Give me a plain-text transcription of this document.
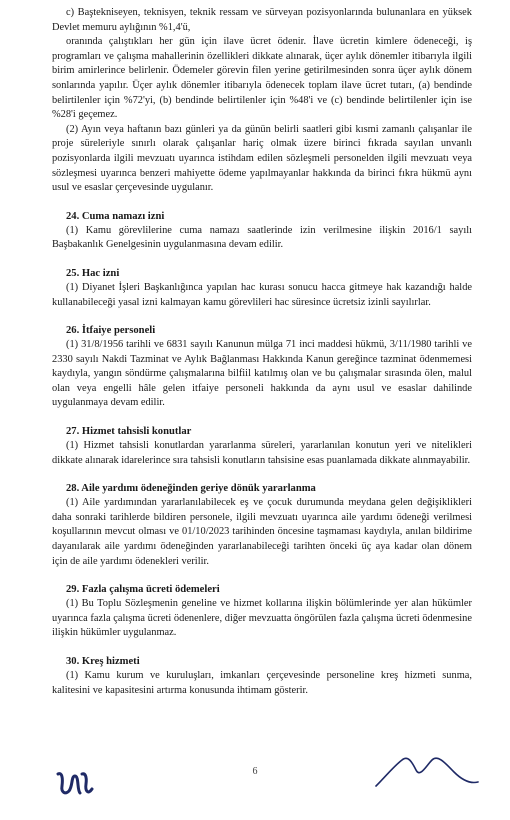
c) Baştekniseyen, teknisyen, teknik ressam ve sürveyan pozisyonlarında bulunanlara en yüksek Devlet memuru aylığının %1,4'ü,

oranında çalıştıkları her gün için ilave ücret ödenir. İlave ücretin kimlere ödeneceği, iş programları ve çalışma mahallerinin özellikleri dikkate alınarak, üçer aylık dönemler itibarıyla ilgili birim amirlerince belirlenir. Ödemeler görevin filen yerine getirilmesinden sonra üçer aylık dönem sonlarında yapılır. Üçer aylık dönemler itibarıyla ödenecek toplam ilave ücret tutarı, (a) bendinde belirtilenler için %72'yi, (b) bendinde belirtilenler için %48'i ve (c) bendinde belirtilenler için ise %28'i geçemez.

(2) Ayın veya haftanın bazı günleri ya da günün belirli saatleri gibi kısmi zamanlı çalışanlar ile proje süreleriyle sınırlı olarak çalışanlar hariç olmak üzere birinci fıkrada sayılan unvanlı pozisyonlarda ilgili mevzuatı uyarınca istihdam edilen sözleşmeli personelden ilgili mevzuatı veya sözleşmesi uyarınca benzeri mahiyette ödeme yapılmayanlar hakkında da birinci fıkra hükmü aynı usul ve esaslar çerçevesinde uygulanır.

24. Cuma namazı izni

(1) Kamu görevlilerine cuma namazı saatlerinde izin verilmesine ilişkin 2016/1 sayılı Başbakanlık Genelgesinin uygulanmasına devam edilir.

25. Hac izni

(1) Diyanet İşleri Başkanlığınca yapılan hac kurası sonucu hacca gitmeye hak kazandığı halde kullanabileceği yasal izni kalmayan kamu görevlileri hac süresince ücretsiz izinli sayılırlar.

26. İtfaiye personeli

(1) 31/8/1956 tarihli ve 6831 sayılı Kanunun mülga 71 inci maddesi hükmü, 3/11/1980 tarihli ve 2330 sayılı Nakdi Tazminat ve Aylık Bağlanması Hakkında Kanun gereğince tazminat ödenmemesi kaydıyla, yangın söndürme çalışmalarına bilfiil katılmış olan ve bu çalışmalar sırasında ölen, malul olan veya engelli hâle gelen itfaiye personeli hakkında da aynı usul ve esaslar dahilinde uygulanmaya devam edilir.

27. Hizmet tahsisli konutlar

(1) Hizmet tahsisli konutlardan yararlanma süreleri, yararlanılan konutun yeri ve nitelikleri dikkate alınarak idarelerince sıra tahsisli konutların tahsisine esas puanlamada dikkate alınmayabilir.

28. Aile yardımı ödeneğinden geriye dönük yararlanma

(1) Aile yardımından yararlanılabilecek eş ve çocuk durumunda meydana gelen değişiklikleri daha sonraki tarihlerde bildiren personele, ilgili mevzuatı uyarınca aile yardımı ödeneği verilmesi koşullarının mevcut olması ve 01/10/2023 tarihinden öncesine taşmaması kaydıyla, anılan bildirime dayanılarak aile yardımı ödeneğinden yararlanabileceği tarihten önceki üç aya kadar olan dönem için de aile yardımı ödenekleri verilir.

29. Fazla çalışma ücreti ödemeleri

(1) Bu Toplu Sözleşmenin geneline ve hizmet kollarına ilişkin bölümlerinde yer alan hükümler uyarınca fazla çalışma ücreti ödenenlere, diğer mevzuatta öngörülen fazla çalışma ücreti ödenmesine ilişkin hükümler uygulanmaz.

30. Kreş hizmeti

(1) Kamu kurum ve kuruluşları, imkanları çerçevesinde personeline kreş hizmeti sunma, kalitesini ve kapasitesini artırma konusunda ihtimam gösterir.

6
